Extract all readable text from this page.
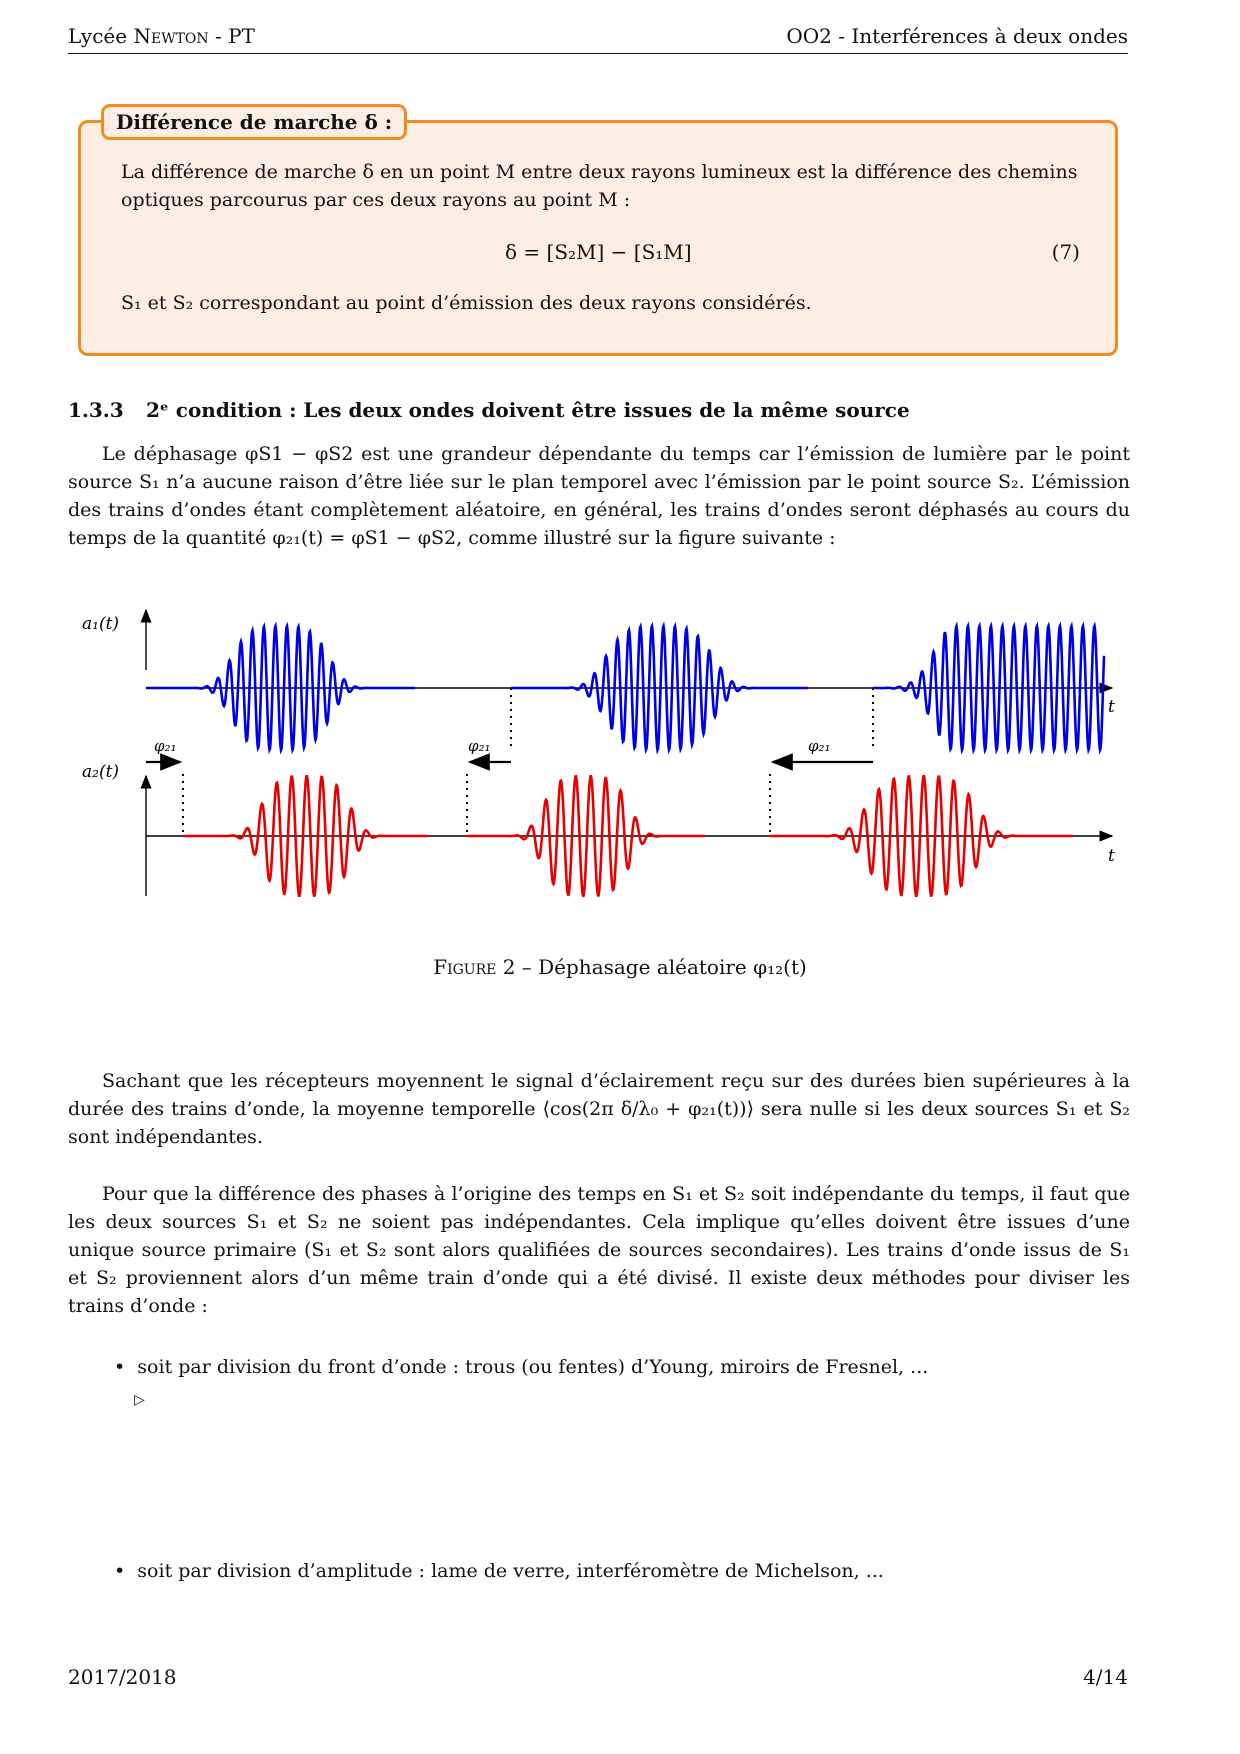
Lycée Newton - PT	OO2 - Interférences à deux ondes
Différence de marche δ :
La différence de marche δ en un point M entre deux rayons lumineux est la différence des chemins optiques parcourus par ces deux rayons au point M :
δ = [S₂M] − [S₁M]	(7)
S₁ et S₂ correspondant au point d’émission des deux rayons considérés.
1.3.3 2ᵉ condition : Les deux ondes doivent être issues de la même source
Le déphasage φS1 − φS2 est une grandeur dépendante du temps car l’émission de lumière par le point source S₁ n’a aucune raison d’être liée sur le plan temporel avec l’émission par le point source S₂. L’émission des trains d’ondes étant complètement aléatoire, en général, les trains d’ondes seront déphasés au cours du temps de la quantité φ₂₁(t) = φS1 − φS2, comme illustré sur la figure suivante :
a₁(t)
a₂(t)
t
t
φ₂₁	φ₂₁	φ₂₁
Figure 2 – Déphasage aléatoire φ₁₂(t)
Sachant que les récepteurs moyennent le signal d’éclairement reçu sur des durées bien supérieures à la durée des trains d’onde, la moyenne temporelle ⟨cos(2π δ/λ₀ + φ₂₁(t))⟩ sera nulle si les deux sources S₁ et S₂ sont indépendantes.
Pour que la différence des phases à l’origine des temps en S₁ et S₂ soit indépendante du temps, il faut que les deux sources S₁ et S₂ ne soient pas indépendantes. Cela implique qu’elles doivent être issues d’une unique source primaire (S₁ et S₂ sont alors qualifiées de sources secondaires). Les trains d’onde issus de S₁ et S₂ proviennent alors d’un même train d’onde qui a été divisé. Il existe deux méthodes pour diviser les trains d’onde :
•  soit par division du front d’onde : trous (ou fentes) d’Young, miroirs de Fresnel, ...
▷
•  soit par division d’amplitude : lame de verre, interféromètre de Michelson, ...
2017/2018	4/14
